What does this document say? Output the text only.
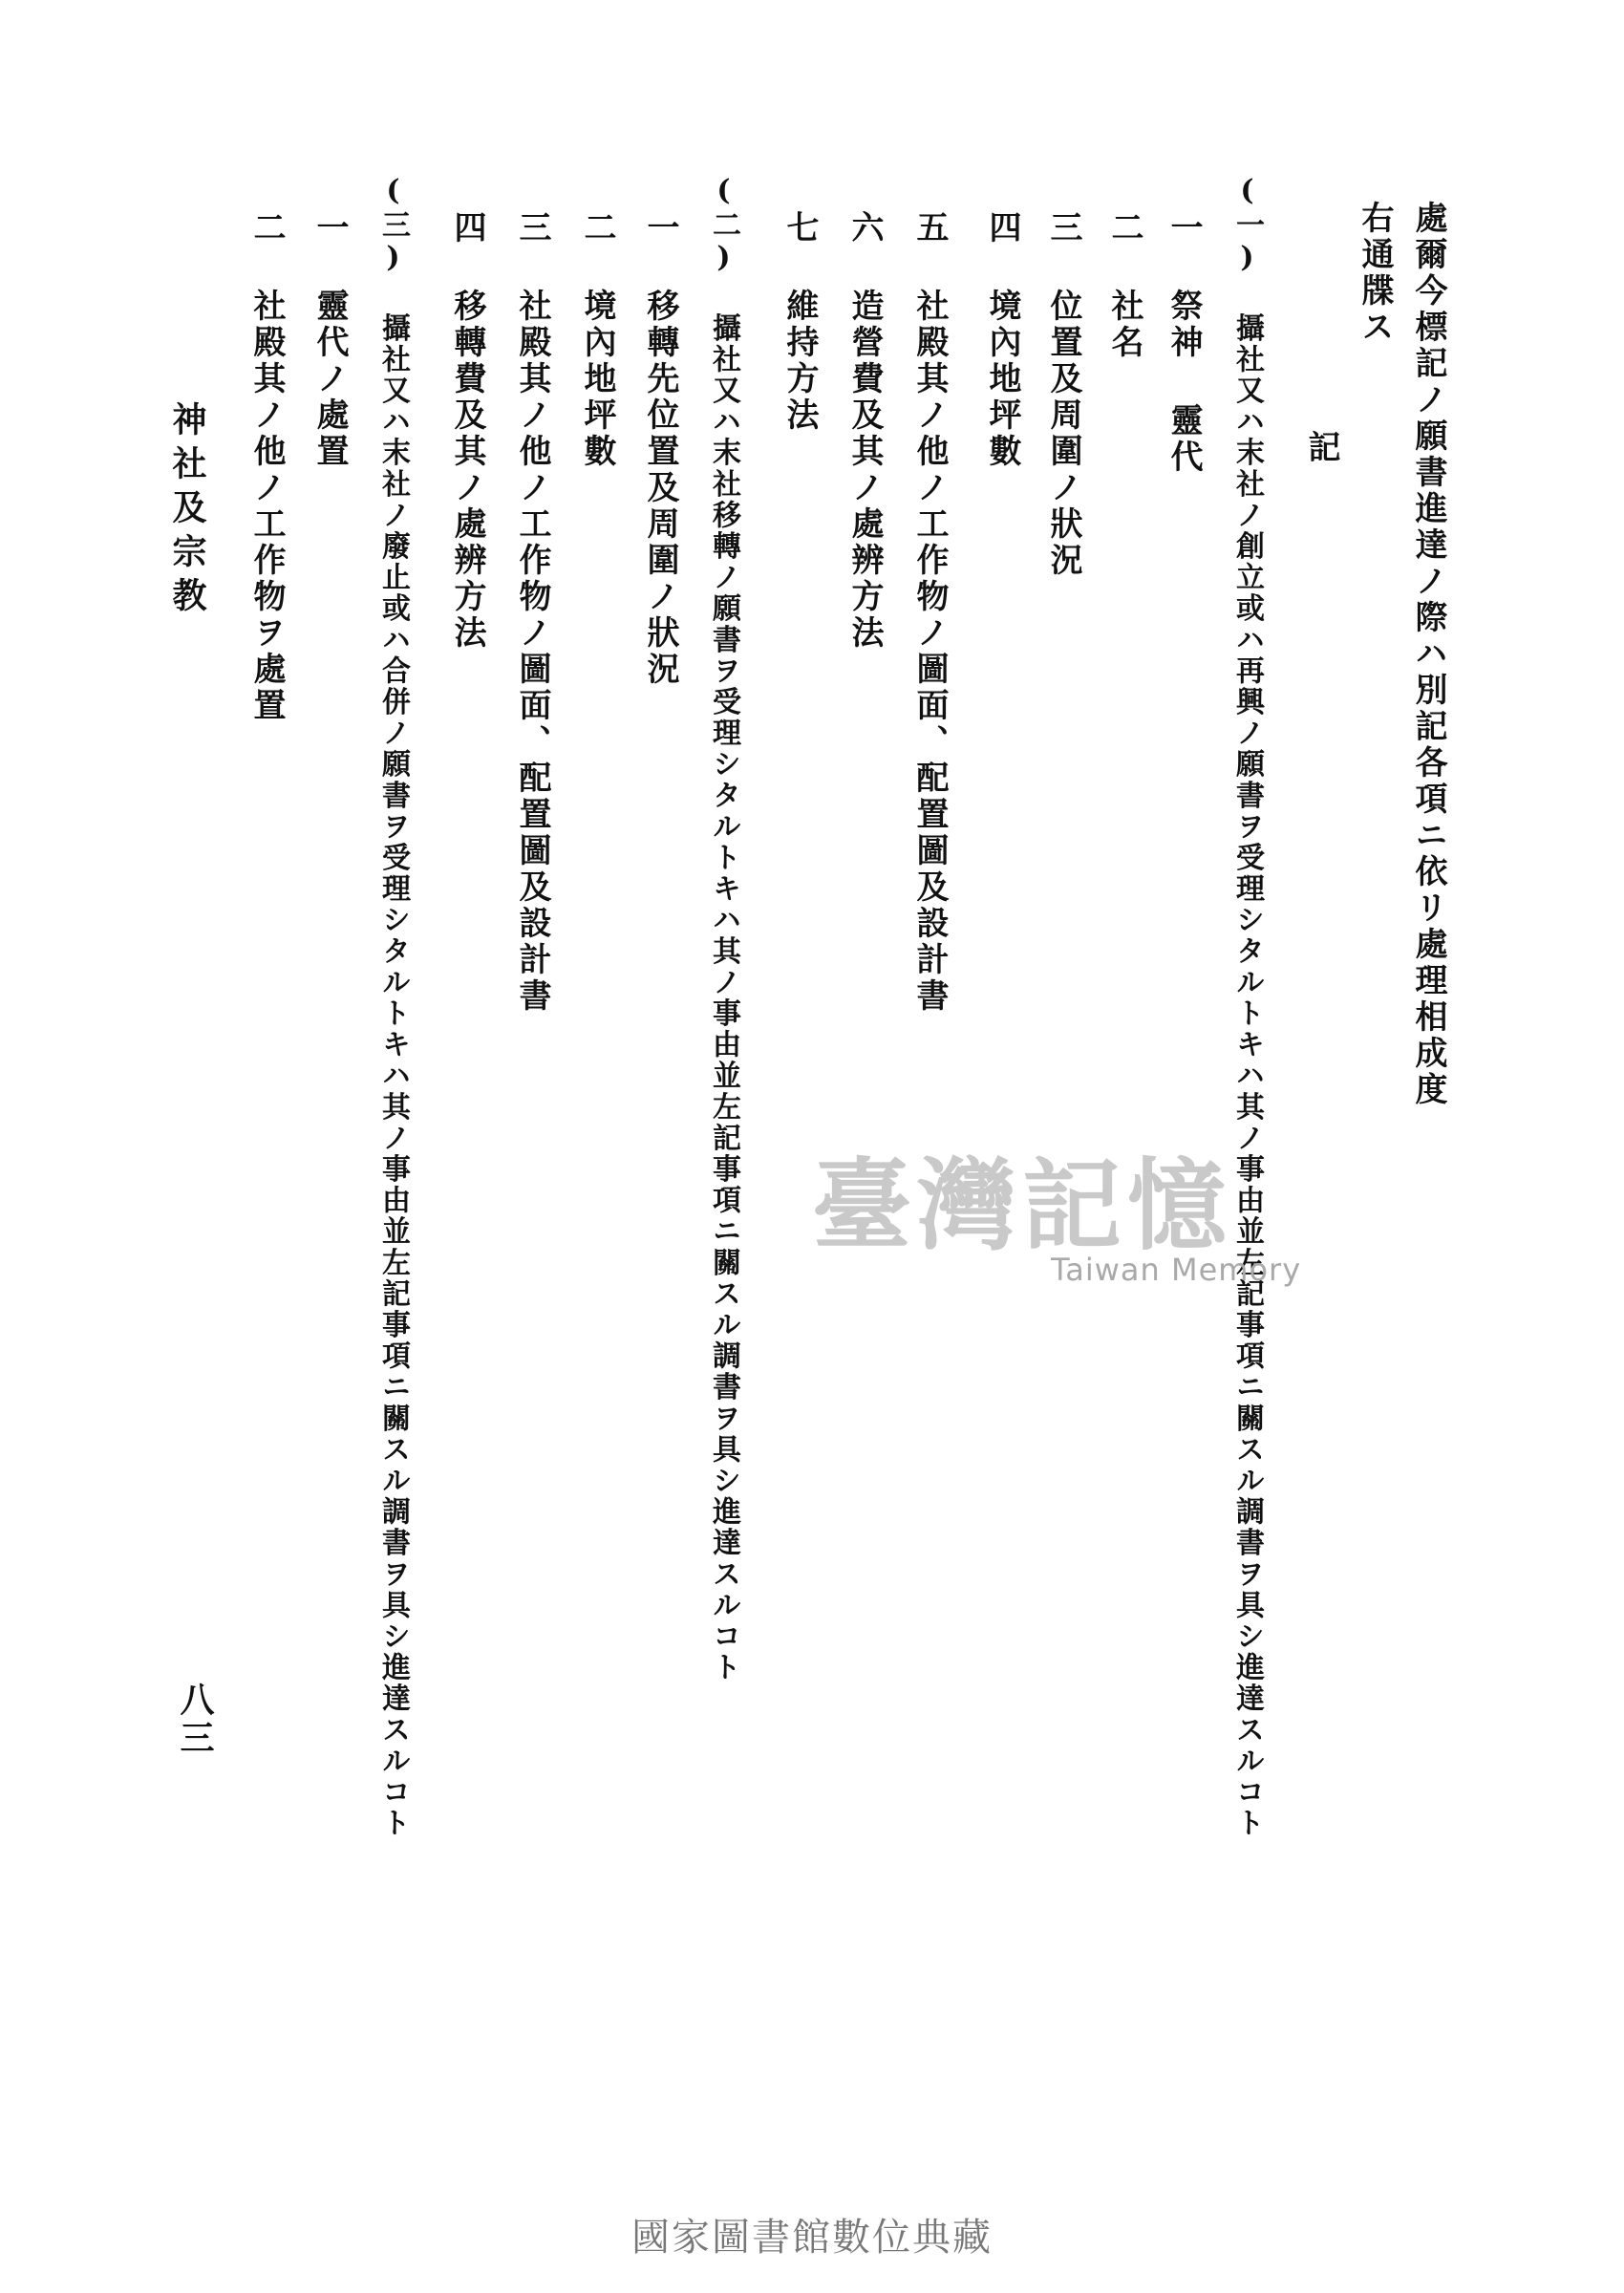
處爾今標記ノ願書進達ノ際ハ別記各項ニ依リ處理相成度
右通牒ス
記
(一) 攝社又ハ末社ノ創立或ハ再興ノ願書ヲ受理シタルトキハ其ノ事由並左記事項ニ關スル調書ヲ具シ進達スルコト
一 祭神 靈代
二 社名
三 位置及周圍ノ狀況
四 境內地坪數
五 社殿其ノ他ノ工作物ノ圖面、配置圖及設計書
六 造營費及其ノ處辨方法
七 維持方法
(二) 攝社又ハ末社移轉ノ願書ヲ受理シタルトキハ其ノ事由並左記事項ニ關スル調書ヲ具シ進達スルコト
一 移轉先位置及周圍ノ狀況
二 境內地坪數
三 社殿其ノ他ノ工作物ノ圖面、配置圖及設計書
四 移轉費及其ノ處辨方法
(三) 攝社又ハ末社ノ廢止或ハ合併ノ願書ヲ受理シタルトキハ其ノ事由並左記事項ニ關スル調書ヲ具シ進達スルコト
一 靈代ノ處置
二 社殿其ノ他ノ工作物ヲ處置
神社及宗教
八三
臺灣記憶
Taiwan Memory
國家圖書館數位典藏
